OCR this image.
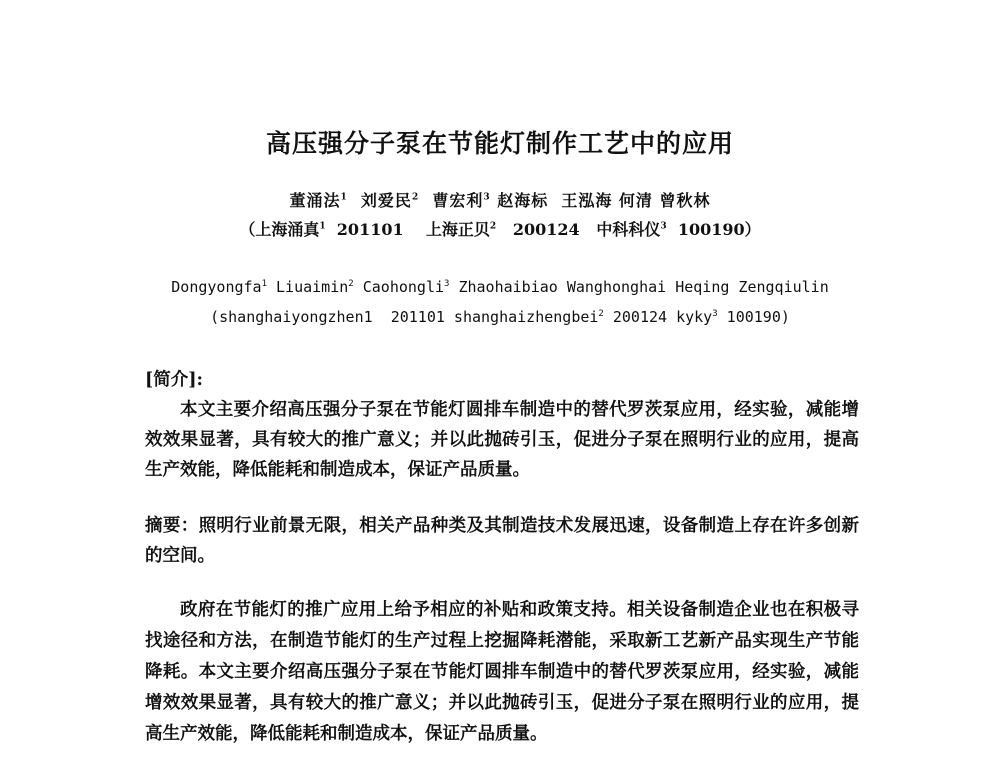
高压强分子泵在节能灯制作工艺中的应用
董涌法$^1$ 刘爱民$^2$ 曹宏利$^3$ 赵海标  王泓海 何清 曾秋林
（上海涌真$^1$ 201101 上海正贝$^2$ 200124 中科科仪$^3$ 100190）
Dongyongfa$^1$ Liuaimin$^2$ Caohongli$^3$ Zhaohaibiao Wanghonghai Heqing Zengqiulin
(shanghaiyongzhen1  201101 shanghaizhengbei$^2$ 200124 kyky$^3$ 100190)
[简介]:
本文主要介绍高压强分子泵在节能灯圆排车制造中的替代罗茨泵应用，经实验，减能增
效效果显著，具有较大的推广意义；并以此抛砖引玉，促进分子泵在照明行业的应用，提高
生产效能，降低能耗和制造成本，保证产品质量。
摘要：照明行业前景无限，相关产品种类及其制造技术发展迅速，设备制造上存在许多创新
的空间。
政府在节能灯的推广应用上给予相应的补贴和政策支持。相关设备制造企业也在积极寻
找途径和方法，在制造节能灯的生产过程上挖掘降耗潜能，采取新工艺新产品实现生产节能
降耗。本文主要介绍高压强分子泵在节能灯圆排车制造中的替代罗茨泵应用，经实验，减能
增效效果显著，具有较大的推广意义；并以此抛砖引玉，促进分子泵在照明行业的应用，提
高生产效能，降低能耗和制造成本，保证产品质量。
